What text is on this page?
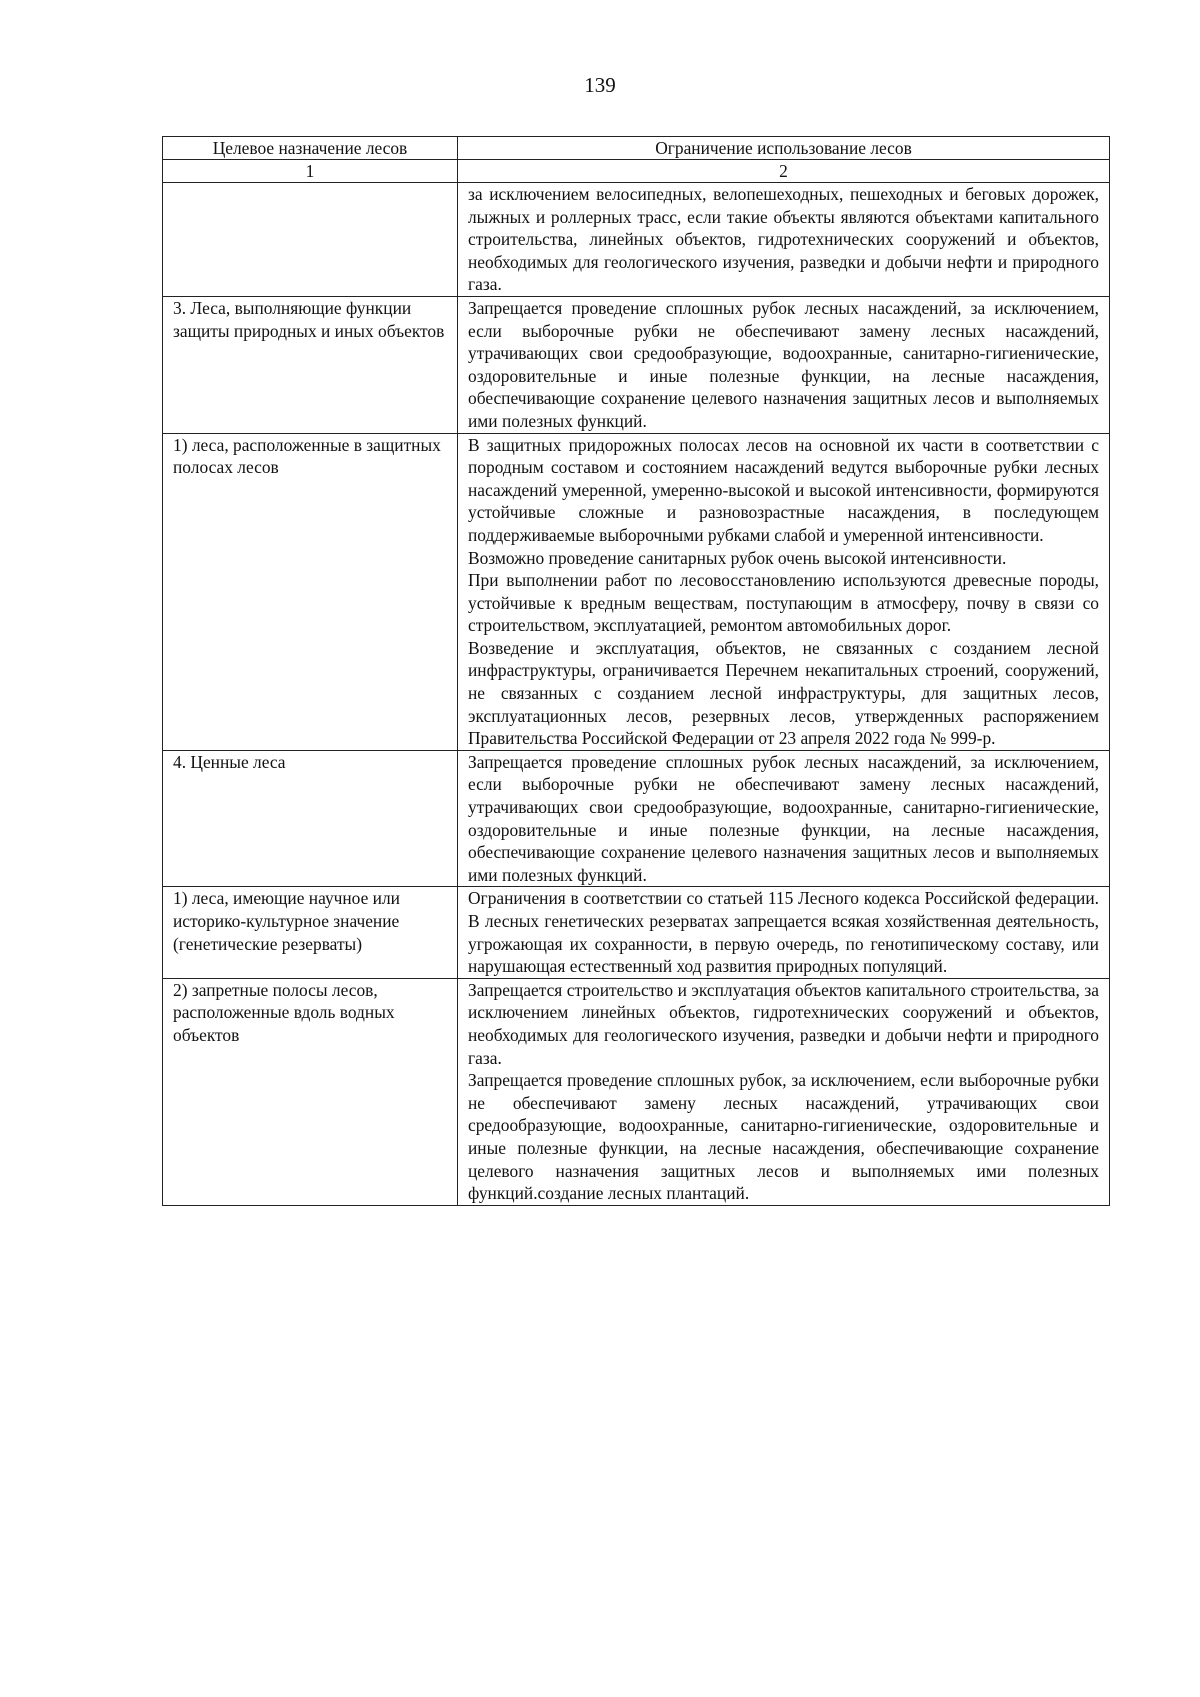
139
Целевое назначение лесов	Ограничение использование лесов
1	2

	за исключением велосипедных, велопешеходных, пешеходных и беговых дорожек, лыжных и роллерных трасс, если такие объекты являются объектами капитального строительства, линейных объектов, гидротехнических сооружений и объектов, необходимых для геологического изучения, разведки и добычи нефти и природного газа.

3. Леса, выполняющие функции защиты природных и иных объектов	Запрещается проведение сплошных рубок лесных насаждений, за исключением, если выборочные рубки не обеспечивают замену лесных насаждений, утрачивающих свои средообразующие, водоохранные, санитарно-гигиенические, оздоровительные и иные полезные функции, на лесные насаждения, обеспечивающие сохранение целевого назначения защитных лесов и выполняемых ими полезных функций.

1) леса, расположенные в защитных полосах лесов	В защитных придорожных полосах лесов на основной их части в соответствии с породным составом и состоянием насаждений ведутся выборочные рубки лесных насаждений умеренной, умеренно-высокой и высокой интенсивности, формируются устойчивые сложные и разновозрастные насаждения, в последующем поддерживаемые выборочными рубками слабой и умеренной интенсивности.

Возможно проведение санитарных рубок очень высокой интенсивности.

При выполнении работ по лесовосстановлению используются древесные породы, устойчивые к вредным веществам, поступающим в атмосферу, почву в связи со строительством, эксплуатацией, ремонтом автомобильных дорог.

Возведение и эксплуатация, объектов, не связанных с созданием лесной инфраструктуры, ограничивается Перечнем некапитальных строений, сооружений, не связанных с созданием лесной инфраструктуры, для защитных лесов, эксплуатационных лесов, резервных лесов, утвержденных распоряжением Правительства Российской Федерации от 23 апреля 2022 года № 999-р.

4. Ценные леса	Запрещается проведение сплошных рубок лесных насаждений, за исключением, если выборочные рубки не обеспечивают замену лесных насаждений, утрачивающих свои средообразующие, водоохранные, санитарно-гигиенические, оздоровительные и иные полезные функции, на лесные насаждения, обеспечивающие сохранение целевого назначения защитных лесов и выполняемых ими полезных функций.

1) леса, имеющие научное или историко-культурное значение (генетические резерваты)	Ограничения в соответствии со статьей 115 Лесного кодекса Российской федерации. В лесных генетических резерватах запрещается всякая хозяйственная деятельность, угрожающая их сохранности, в первую очередь, по генотипическому составу, или нарушающая естественный ход развития природных популяций.

2) запретные полосы лесов, расположенные вдоль водных объектов	Запрещается строительство и эксплуатация объектов капитального строительства, за исключением линейных объектов, гидротехнических сооружений и объектов, необходимых для геологического изучения, разведки и добычи нефти и природного газа.

Запрещается проведение сплошных рубок, за исключением, если выборочные рубки не обеспечивают замену лесных насаждений, утрачивающих свои средообразующие, водоохранные, санитарно-гигиенические, оздоровительные и иные полезные функции, на лесные насаждения, обеспечивающие сохранение целевого назначения защитных лесов и выполняемых ими полезных функций.создание лесных плантаций.
